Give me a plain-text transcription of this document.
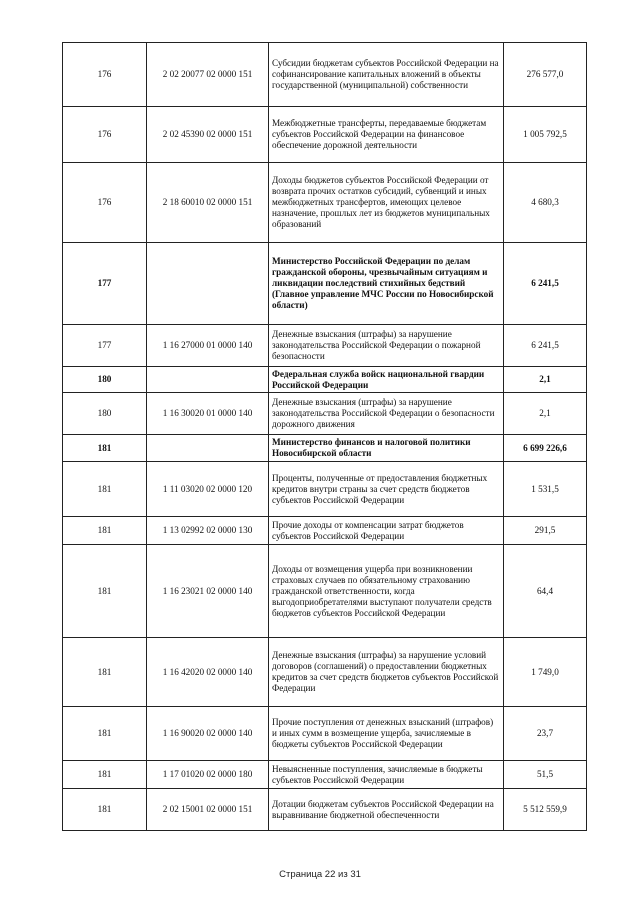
176	2 02 20077 02 0000 151	Субсидии бюджетам субъектов Российской Федерации на софинансирование капитальных вложений в объекты государственной (муниципальной) собственности	276 577,0
176	2 02 45390 02 0000 151	Межбюджетные трансферты, передаваемые бюджетам субъектов Российской Федерации на финансовое обеспечение дорожной деятельности	1 005 792,5
176	2 18 60010 02 0000 151	Доходы бюджетов субъектов Российской Федерации от возврата прочих остатков субсидий, субвенций и иных межбюджетных трансфертов, имеющих целевое назначение, прошлых лет из бюджетов муниципальных образований	4 680,3
177		Министерство Российской Федерации по делам гражданской обороны, чрезвычайным ситуациям и ликвидации последствий стихийных бедствий (Главное управление МЧС России по Новосибирской области)	6 241,5
177	1 16 27000 01 0000 140	Денежные взыскания (штрафы) за нарушение законодательства Российской Федерации о пожарной безопасности	6 241,5
180		Федеральная служба войск национальной гвардии Российской Федерации	2,1
180	1 16 30020 01 0000 140	Денежные взыскания (штрафы) за нарушение законодательства Российской Федерации о безопасности дорожного движения	2,1
181		Министерство финансов и налоговой политики Новосибирской области	6 699 226,6
181	1 11 03020 02 0000 120	Проценты, полученные от предоставления бюджетных кредитов внутри страны за счет средств бюджетов субъектов Российской Федерации	1 531,5
181	1 13 02992 02 0000 130	Прочие доходы от компенсации затрат бюджетов субъектов Российской Федерации	291,5
181	1 16 23021 02 0000 140	Доходы от возмещения ущерба при возникновении страховых случаев по обязательному страхованию гражданской ответственности, когда выгодоприобретателями выступают получатели средств бюджетов субъектов Российской Федерации	64,4
181	1 16 42020 02 0000 140	Денежные взыскания (штрафы) за нарушение условий договоров (соглашений) о предоставлении бюджетных кредитов за счет средств бюджетов субъектов Российской Федерации	1 749,0
181	1 16 90020 02 0000 140	Прочие поступления от денежных взысканий (штрафов) и иных сумм в возмещение ущерба, зачисляемые в бюджеты субъектов Российской Федерации	23,7
181	1 17 01020 02 0000 180	Невыясненные поступления, зачисляемые в бюджеты субъектов Российской Федерации	51,5
181	2 02 15001 02 0000 151	Дотации бюджетам субъектов Российской Федерации на выравнивание бюджетной обеспеченности	5 512 559,9
Страница 22 из 31
